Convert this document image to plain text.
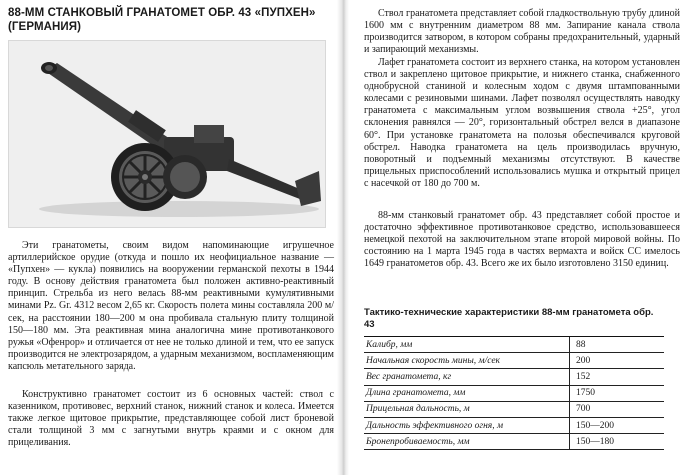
88-ММ СТАНКОВЫЙ ГРАНАТОМЕТ ОБР. 43 «ПУПХЕН» (ГЕРМАНИЯ)

Эти гранатометы, своим видом напоминающие игрушечное артиллерийское орудие (откуда и пошло их неофициальное название — «Пупхен» — кукла) появились на вооружении германской пехоты в 1944 году. В основу действия гранатомета был положен активно-реактивный принцип. Стрельба из него велась 88-мм реактивными кумулятивными минами Pz. Gr. 4312 весом 2,65 кг. Скорость полета мины составляла 200 м/сек, на расстоянии 180—200 м она пробивала стальную плиту толщиной 150—180 мм. Эта реактивная мина аналогична мине противотанкового ружья «Офенрор» и отличается от нее не только длиной и тем, что ее запуск производится не электрозарядом, а ударным механизмом, воспламеняющим капсюль метательного заряда.

Конструктивно гранатомет состоит из 6 основных частей: ствол с казенником, противовес, верхний станок, нижний станок и колеса. Имеется также легкое щитовое прикрытие, представляющее собой лист броневой стали толщиной 3 мм с загнутыми внутрь краями и с окном для прицеливания.

Ствол гранатомета представляет собой гладкоствольную трубу длиной 1600 мм с внутренним диаметром 88 мм. Запирание канала ствола производится затвором, в котором собраны предохранительный, ударный и запирающий механизмы.

Лафет гранатомета состоит из верхнего станка, на котором установлен ствол и закреплено щитовое прикрытие, и нижнего станка, снабженного однобрусной станиной и колесным ходом с двумя штампованными колесами с резиновыми шинами. Лафет позволял осуществлять наводку гранатомета с максимальным углом возвышения ствола +25°, угол склонения равнялся — 20°, горизонтальный обстрел велся в диапазоне 60°. При установке гранатомета на полозья обеспечивался круговой обстрел. Наводка гранатомета на цель производилась вручную, поворотный и подъемный механизмы отсутствуют. В качестве прицельных приспособлений использовались мушка и открытый прицел с насечкой от 180 до 700 м.

88-мм станковый гранатомет обр. 43 представляет собой простое и достаточно эффективное противотанковое средство, использовавшееся немецкой пехотой на заключительном этапе второй мировой войны. По состоянию на 1 марта 1945 года в частях вермахта и войск СС имелось 1649 гранатометов обр. 43. Всего же их было изготовлено 3150 единиц.

Тактико-технические характеристики 88-мм гранатомета обр. 43
Калибр, мм	88
Начальная скорость мины, м/сек	200
Вес гранатомета, кг	152
Длина гранатомета, мм	1750
Прицельная дальность, м	700
Дальность эффективного огня, м	150—200
Бронепробиваемость, мм	150—180
